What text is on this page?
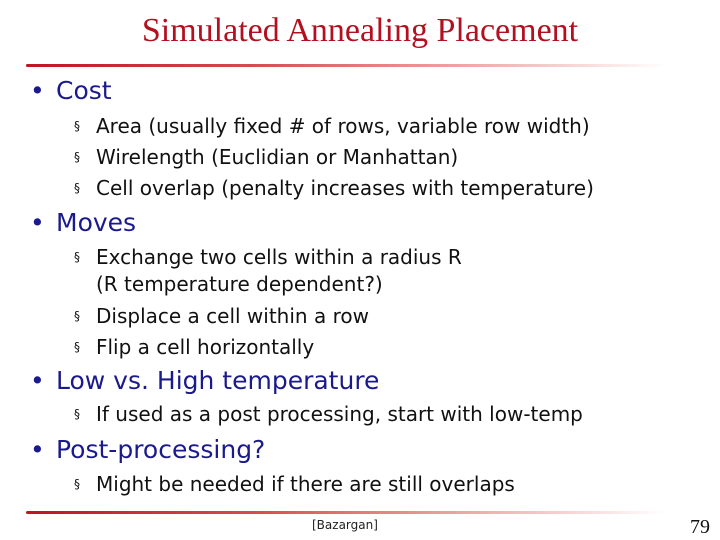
Simulated Annealing Placement
• Cost
§ Area (usually fixed # of rows, variable row width)
§ Wirelength (Euclidian or Manhattan)
§ Cell overlap (penalty increases with temperature)
• Moves
§ Exchange two cells within a radius R
(R temperature dependent?)
§ Displace a cell within a row
§ Flip a cell horizontally
• Low vs. High temperature
§ If used as a post processing, start with low-temp
• Post-processing?
§ Might be needed if there are still overlaps
[Bazargan]	79
